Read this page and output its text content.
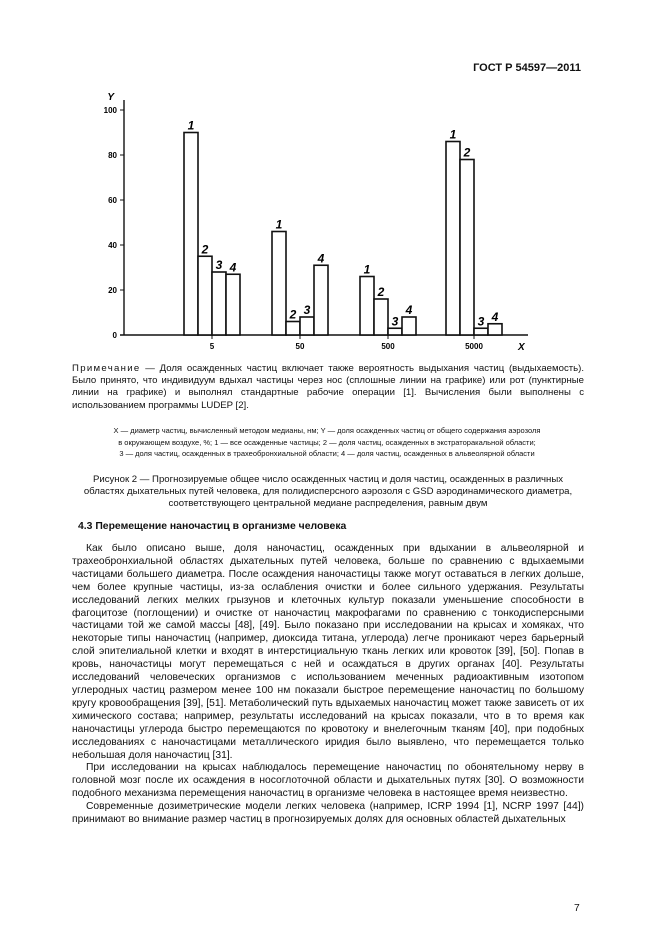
ГОСТ Р 54597—2011
Y
X
0
20
40
60
80
100
1
2
3 4
5
1
2 3
4
50
1
2
3
4
500
1
2
3 4
5000
Примечание — Доля осажденных частиц включает также вероятность выдыхания частиц (выдыхаемость). Было принято, что индивидуум вдыхал частицы через нос (сплошные линии на графике) или рот (пунктирные линии на графике) и выполнял стандартные рабочие операции [1]. Вычисления были выполнены с использованием программы LUDEP [2].
X — диаметр частиц, вычисленный методом медианы, нм; Y — доля осажденных частиц от общего содержания аэрозоля
в окружающем воздухе, %; 1 — все осажденные частицы; 2 — доля частиц, осажденных в экстраторакальной области;
3 — доля частиц, осажденных в трахеобронхиальной области; 4 — доля частиц, осажденных в альвеолярной области
Рисунок 2 — Прогнозируемые общее число осажденных частиц и доля частиц, осажденных в различных
областях дыхательных путей человека, для полидисперсного аэрозоля с GSD аэродинамического диаметра,
соответствующего центральной медиане распределения, равным двум
4.3 Перемещение наночастиц в организме человека

Как было описано выше, доля наночастиц, осажденных при вдыхании в альвеолярной и трахеобронхиальной областях дыхательных путей человека, больше по сравнению с вдыхаемыми частицами большего диаметра. После осаждения наночастицы также могут оставаться в легких дольше, чем более крупные частицы, из-за ослабления очистки и более сильного удержания. Результаты исследований легких мелких грызунов и клеточных культур показали уменьшение способности в фагоцитозе (поглощении) и очистке от наночастиц макрофагами по сравнению с тонкодисперсными частицами той же самой массы [48], [49]. Было показано при исследовании на крысах и хомяках, что некоторые типы наночастиц (например, диоксида титана, углерода) легче проникают через барьерный слой эпителиальной клетки и входят в интерстициальную ткань легких или кровоток [39], [50]. Попав в кровь, наночастицы могут перемещаться с ней и осаждаться в других органах [40]. Результаты исследований человеческих организмов с использованием меченных радиоактивным изотопом углеродных частиц размером менее 100 нм показали быстрое перемещение наночастиц по большому кругу кровообращения [39], [51]. Метаболический путь вдыхаемых наночастиц может также зависеть от их химического состава; например, результаты исследований на крысах показали, что в то время как наночастицы углерода быстро перемещаются по кровотоку и внелегочным тканям [40], при подобных исследованиях с наночастицами металлического иридия было выявлено, что перемещается только небольшая доля наночастиц [31].

При исследовании на крысах наблюдалось перемещение наночастиц по обонятельному нерву в головной мозг после их осаждения в носоглоточной области и дыхательных путях [30]. О возможности подобного механизма перемещения наночастиц в организме человека в настоящее время неизвестно.

Современные дозиметрические модели легких человека (например, ICRP 1994 [1], NCRP 1997 [44]) принимают во внимание размер частиц в прогнозируемых долях для основных областей дыхательных

7
